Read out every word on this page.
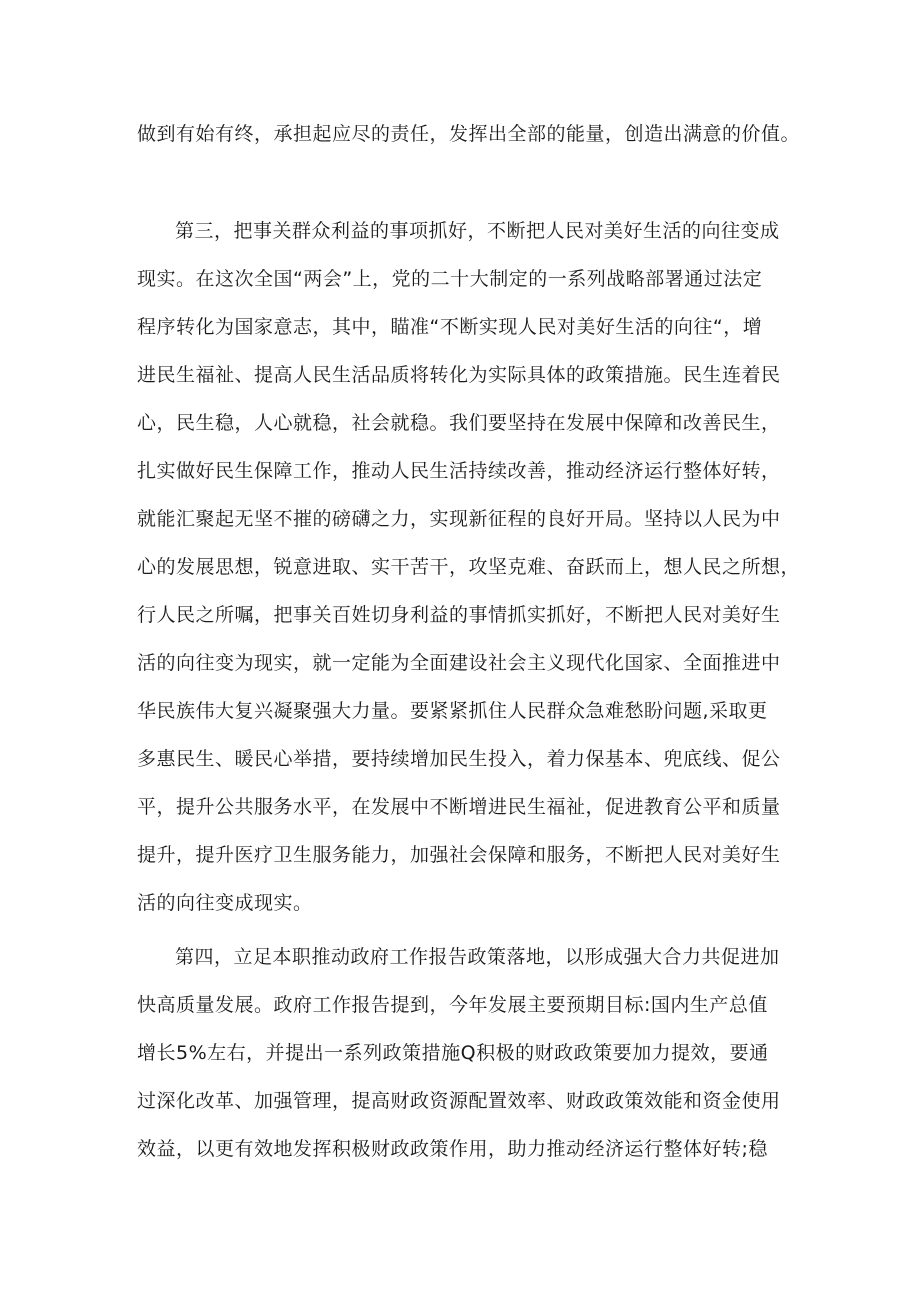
做到有始有终，承担起应尽的责任，发挥出全部的能量，创造出满意的价值。
第三，把事关群众利益的事项抓好，不断把人民对美好生活的向往变成
现实。在这次全国“两会”上，党的二十大制定的一系列战略部署通过法定
程序转化为国家意志，其中，瞄准“不断实现人民对美好生活的向往“，增
进民生福祉、提高人民生活品质将转化为实际具体的政策措施。民生连着民
心，民生稳，人心就稳，社会就稳。我们要坚持在发展中保障和改善民生，
扎实做好民生保障工作，推动人民生活持续改善，推动经济运行整体好转，
就能汇聚起无坚不摧的磅礴之力，实现新征程的良好开局。坚持以人民为中
心的发展思想，锐意进取、实干苦干，攻坚克难、奋跃而上，想人民之所想，
行人民之所嘱，把事关百姓切身利益的事情抓实抓好，不断把人民对美好生
活的向往变为现实，就一定能为全面建设社会主义现代化国家、全面推进中
华民族伟大复兴凝聚强大力量。要紧紧抓住人民群众急难愁盼问题,采取更
多惠民生、暖民心举措，要持续增加民生投入，着力保基本、兜底线、促公
平，提升公共服务水平，在发展中不断增进民生福祉，促进教育公平和质量
提升，提升医疗卫生服务能力，加强社会保障和服务，不断把人民对美好生
活的向往变成现实。
第四，立足本职推动政府工作报告政策落地，以形成强大合力共促进加
快高质量发展。政府工作报告提到，今年发展主要预期目标:国内生产总值
增长5%左右，并提出一系列政策措施Q积极的财政政策要加力提效，要通
过深化改革、加强管理，提高财政资源配置效率、财政政策效能和资金使用
效益，以更有效地发挥积极财政政策作用，助力推动经济运行整体好转;稳
